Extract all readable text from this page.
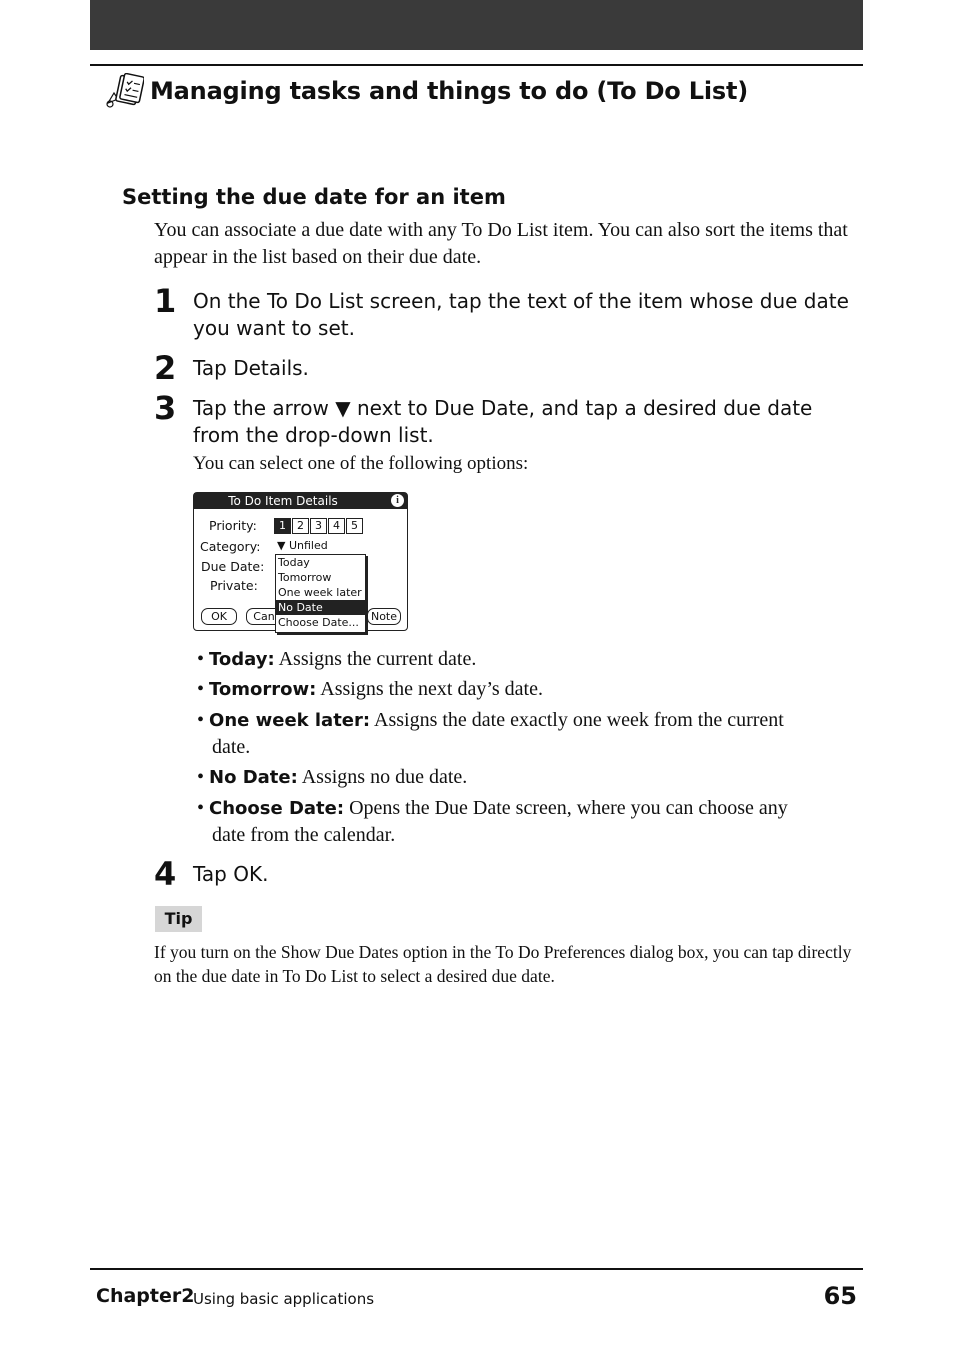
Managing tasks and things to do (To Do List)
Setting the due date for an item
You can associate a due date with any To Do List item. You can also sort the items that appear in the list based on their due date.
1 On the To Do List screen, tap the text of the item whose due date you want to set.
2 Tap Details.
3 Tap the arrow ▼ next to Due Date, and tap a desired due date from the drop-down list.
You can select one of the following options:
To Do Item Details	i
Priority:	1	2	3	4	5
Category: ▼ Unfiled
Due Date:
Private:
OK	Can	Note
Today
Tomorrow
One week later
No Date
Choose Date...
• Today: Assigns the current date.
• Tomorrow: Assigns the next day’s date.
• One week later: Assigns the date exactly one week from the current
date.
• No Date: Assigns no due date.
• Choose Date: Opens the Due Date screen, where you can choose any
date from the calendar.
4 Tap OK.
Tip
If you turn on the Show Due Dates option in the To Do Preferences dialog box, you can tap directly on the due date in To Do List to select a desired due date.
Chapter2
Using basic applications	65
